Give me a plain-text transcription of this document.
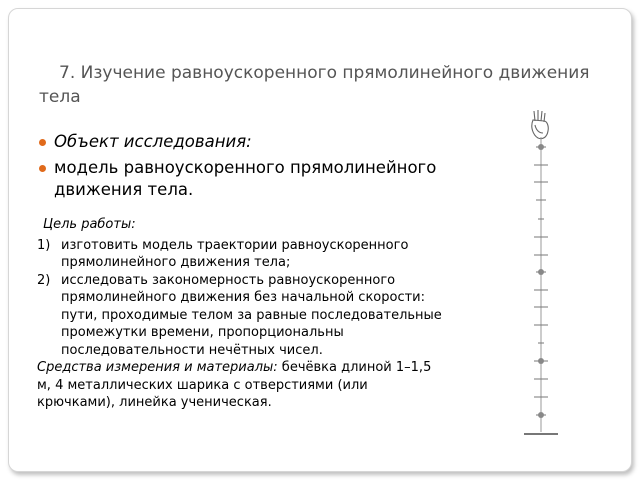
7. Изучение равноускоренного прямолинейного движения тела
Объект исследования:
модель равноускоренного прямолинейного движения тела.
Цель работы:
1) изготовить модель траектории равноускоренного прямолинейного движения тела;
2) исследовать закономерность равноускоренного прямолинейного движения без начальной скорости: пути, проходимые телом за равные последовательные промежутки времени, пропорциональны последовательности нечётных чисел.
Средства измерения и материалы: бечёвка длиной 1–1,5 м, 4 металлических шарика с отверстиями (или крючками), линейка ученическая.
